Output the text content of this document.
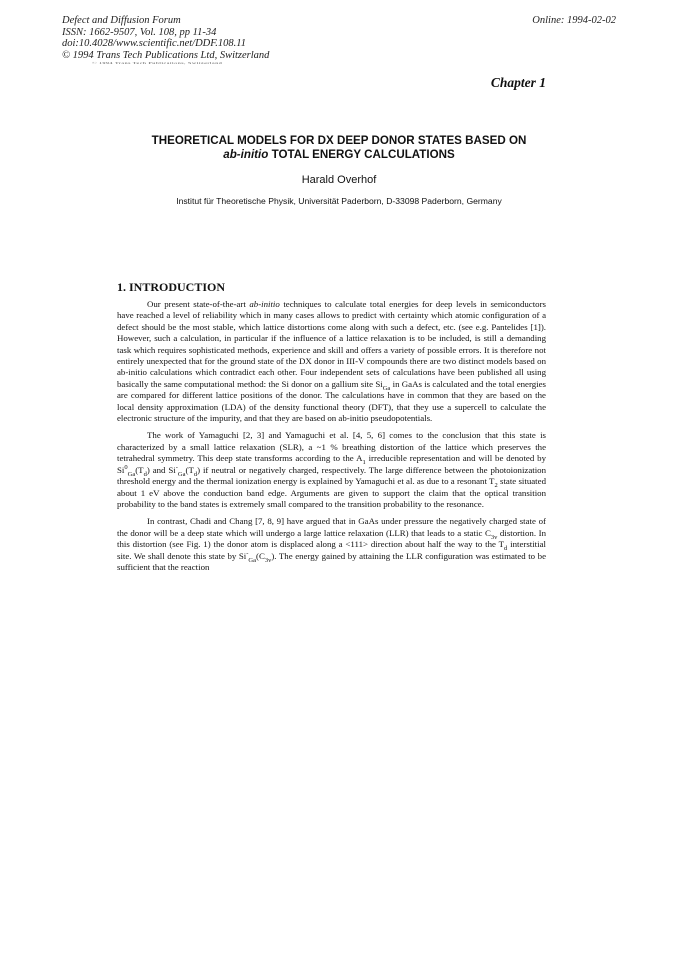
Defect and Diffusion Forum
ISSN: 1662-9507, Vol. 108, pp 11-34
doi:10.4028/www.scientific.net/DDF.108.11
© 1994 Trans Tech Publications Ltd, Switzerland
Online: 1994-02-02
© 1994 Trans Tech Publications, Switzerland
Chapter 1
THEORETICAL MODELS FOR DX DEEP DONOR STATES BASED ON
ab-initio TOTAL ENERGY CALCULATIONS
Harald Overhof
Institut für Theoretische Physik, Universität Paderborn, D-33098 Paderborn, Germany
1. INTRODUCTION

Our present state-of-the-art ab-initio techniques to calculate total energies for deep levels in semiconductors have reached a level of reliability which in many cases allows to predict with certainty which atomic configuration of a defect should be the most stable, which lattice distortions come along with such a defect, etc. (see e.g. Pantelides [1]). However, such a calculation, in particular if the influence of a lattice relaxation is to be included, is still a demanding task which requires sophisticated methods, experience and skill and offers a variety of possible errors. It is therefore not entirely unexpected that for the ground state of the DX donor in III-V compounds there are two distinct models based on ab-initio calculations which contradict each other. Four independent sets of calculations have been published all using basically the same computational method: the Si donor on a gallium site $Si_{Ga}$ in GaAs is calculated and the total energies are compared for different lattice positions of the donor. The calculations have in common that they are based on the local density approximation (LDA) of the density functional theory (DFT), that they use a supercell to calculate the electronic structure of the impurity, and that they are based on ab-initio pseudopotentials.

The work of Yamaguchi [2, 3] and Yamaguchi et al. [4, 5, 6] comes to the conclusion that this state is characterized by a small lattice relaxation (SLR), a ~1 % breathing distortion of the lattice which preserves the tetrahedral symmetry. This deep state transforms according to the $A_1$ irreducible representation and will be denoted by $Si^0_{Ga}(T_d)$ and $Si^-_{Ga}(T_d)$ if neutral or negatively charged, respectively. The large difference between the photoionization threshold energy and the thermal ionization energy is explained by Yamaguchi et al. as due to a resonant $T_2$ state situated about 1 eV above the conduction band edge. Arguments are given to support the claim that the optical transition probability to the band states is extremely small compared to the transition probability to the resonance.

In contrast, Chadi and Chang [7, 8, 9] have argued that in GaAs under pressure the negatively charged state of the donor will be a deep state which will undergo a large lattice relaxation (LLR) that leads to a static $C_{3v}$ distortion. In this distortion (see Fig. 1) the donor atom is displaced along a <111> direction about half the way to the $T_d$ interstitial site. We shall denote this state by $Si^-_{Ga}(C_{3v})$. The energy gained by attaining the LLR configuration was estimated to be sufficient that the reaction
